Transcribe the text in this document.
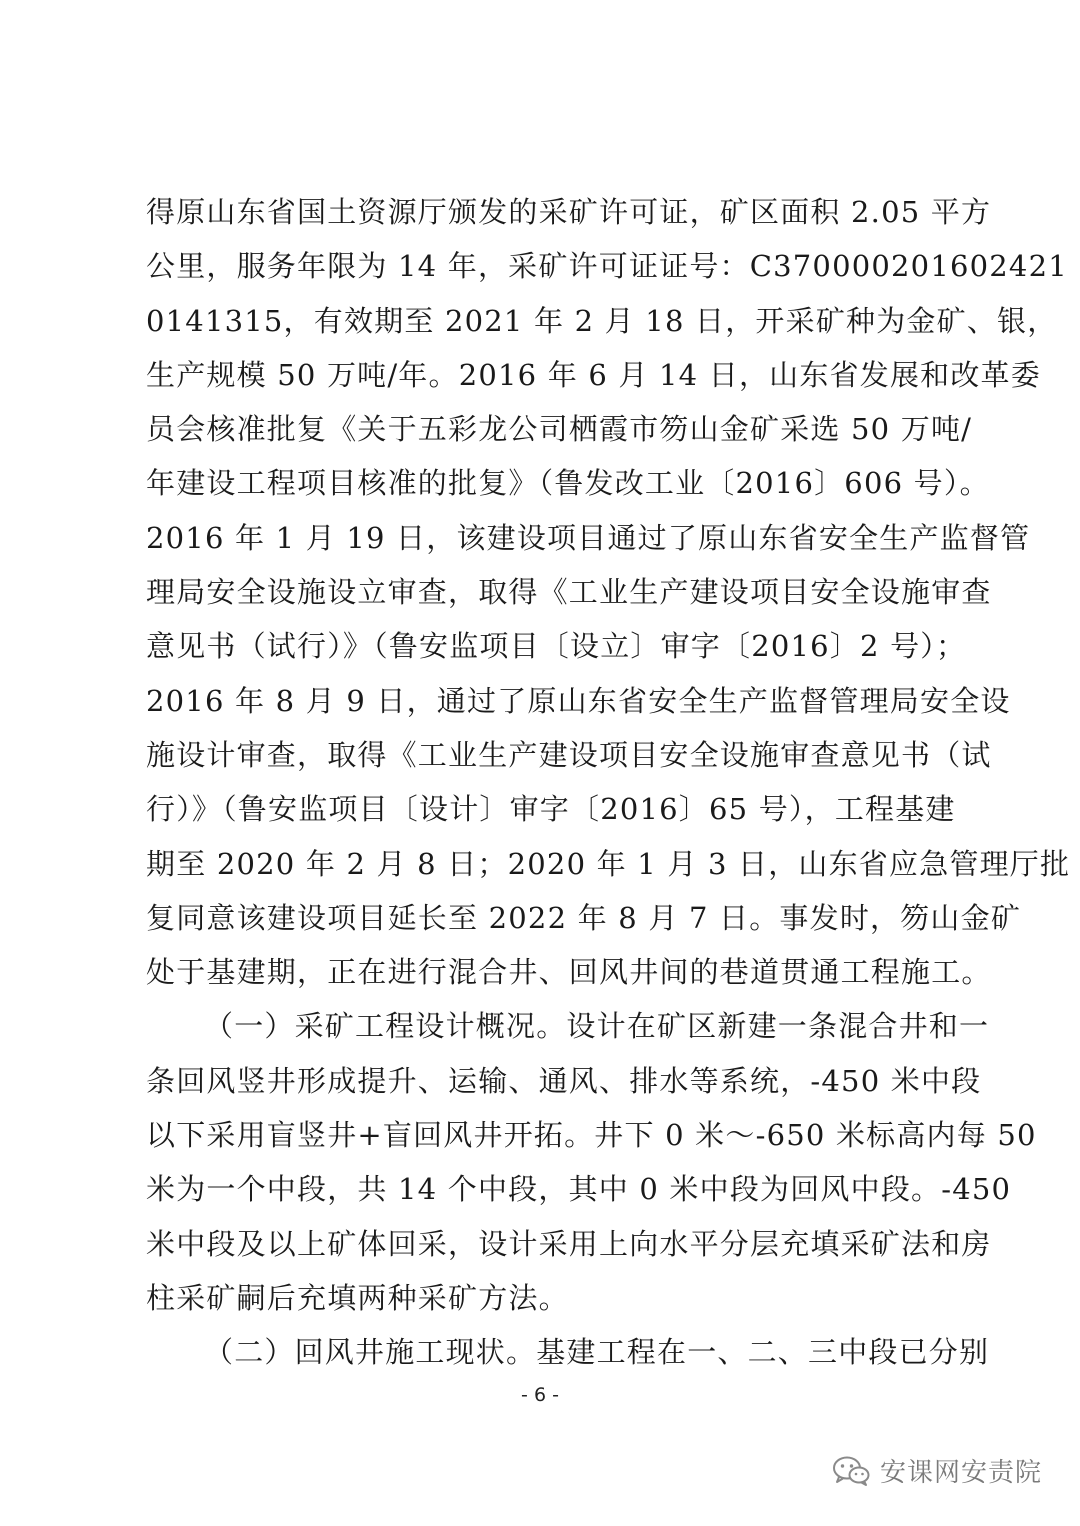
得原山东省国土资源厅颁发的采矿许可证，矿区面积 2.05 平方
公里，服务年限为 14 年，采矿许可证证号：C370000201602421
0141315，有效期至 2021 年 2 月 18 日，开采矿种为金矿、银，
生产规模 50 万吨/年。2016 年 6 月 14 日，山东省发展和改革委
员会核准批复《关于五彩龙公司栖霞市笏山金矿采选 50 万吨/
年建设工程项目核准的批复》（鲁发改工业〔2016〕606 号）。
2016 年 1 月 19 日，该建设项目通过了原山东省安全生产监督管
理局安全设施设立审查，取得《工业生产建设项目安全设施审查
意见书（试行）》（鲁安监项目〔设立〕审字〔2016〕2 号）；
2016 年 8 月 9 日，通过了原山东省安全生产监督管理局安全设
施设计审查，取得《工业生产建设项目安全设施审查意见书（试
行）》（鲁安监项目〔设计〕审字〔2016〕65 号），工程基建
期至 2020 年 2 月 8 日；2020 年 1 月 3 日，山东省应急管理厅批
复同意该建设项目延长至 2022 年 8 月 7 日。事发时，笏山金矿
处于基建期，正在进行混合井、回风井间的巷道贯通工程施工。
（一）采矿工程设计概况。设计在矿区新建一条混合井和一
条回风竖井形成提升、运输、通风、排水等系统，-450 米中段
以下采用盲竖井+盲回风井开拓。井下 0 米～-650 米标高内每 50
米为一个中段，共 14 个中段，其中 0 米中段为回风中段。-450
米中段及以上矿体回采，设计采用上向水平分层充填采矿法和房
柱采矿嗣后充填两种采矿方法。
（二）回风井施工现状。基建工程在一、二、三中段已分别
- 6 -
安课网安责院
